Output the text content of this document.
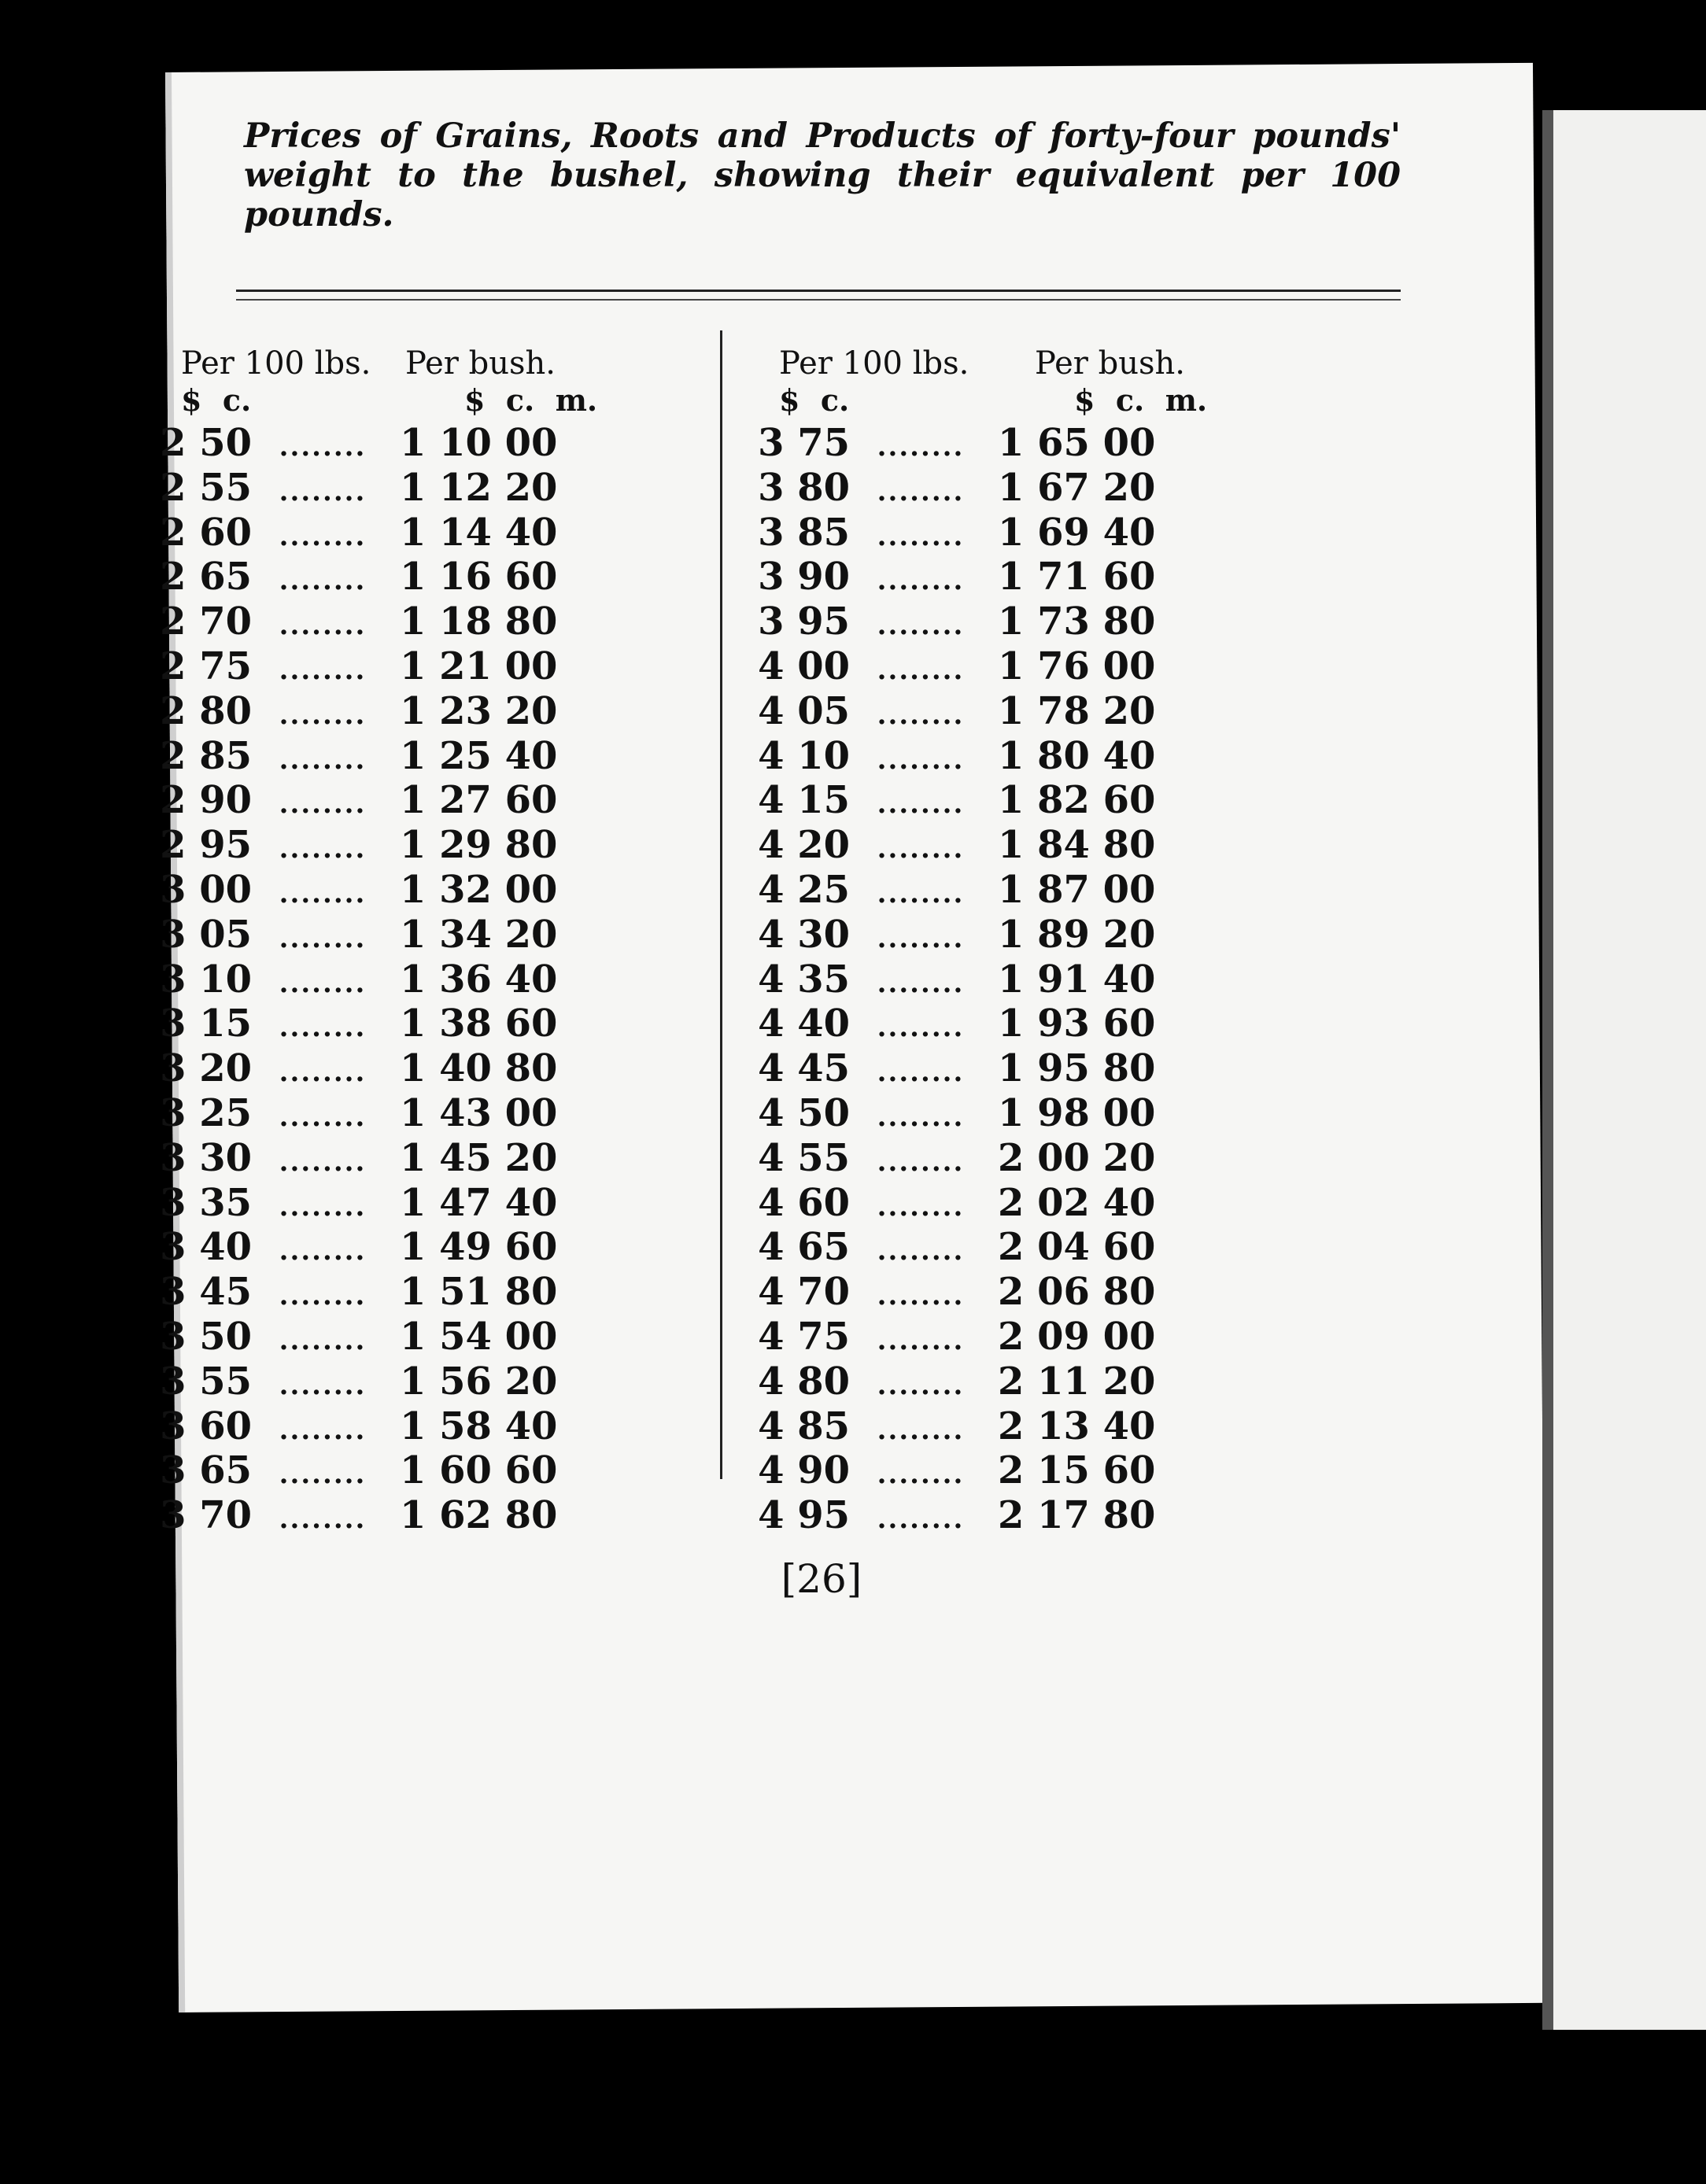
Prices of Grains, Roots and Products of forty-four pounds' weight to the bushel, showing their equivalent per 100 pounds.
Per 100 lbs.	Per bush.
$  c.	$  c.  m.
2 50	........ 1 10 00
2 55	........ 1 12 20
2 60	........ 1 14 40
2 65	........ 1 16 60
2 70	........ 1 18 80
2 75	........ 1 21 00
2 80	........ 1 23 20
2 85	........ 1 25 40
2 90	........ 1 27 60
2 95	........ 1 29 80
3 00	........ 1 32 00
3 05	........ 1 34 20
3 10	........ 1 36 40
3 15	........ 1 38 60
3 20	........ 1 40 80
3 25	........ 1 43 00
3 30	........ 1 45 20
3 35	........ 1 47 40
3 40	........ 1 49 60
3 45	........ 1 51 80
3 50	........ 1 54 00
3 55	........ 1 56 20
3 60	........ 1 58 40
3 65	........ 1 60 60
3 70	........ 1 62 80
Per 100 lbs.	Per bush.
$  c.	$  c.  m.
3 75	........ 1 65 00
3 80	........ 1 67 20
3 85	........ 1 69 40
3 90	........ 1 71 60
3 95	........ 1 73 80
4 00	........ 1 76 00
4 05	........ 1 78 20
4 10	........ 1 80 40
4 15	........ 1 82 60
4 20	........ 1 84 80
4 25	........ 1 87 00
4 30	........ 1 89 20
4 35	........ 1 91 40
4 40	........ 1 93 60
4 45	........ 1 95 80
4 50	........ 1 98 00
4 55	........ 2 00 20
4 60	........ 2 02 40
4 65	........ 2 04 60
4 70	........ 2 06 80
4 75	........ 2 09 00
4 80	........ 2 11 20
4 85	........ 2 13 40
4 90	........ 2 15 60
4 95	........ 2 17 80
[26]
